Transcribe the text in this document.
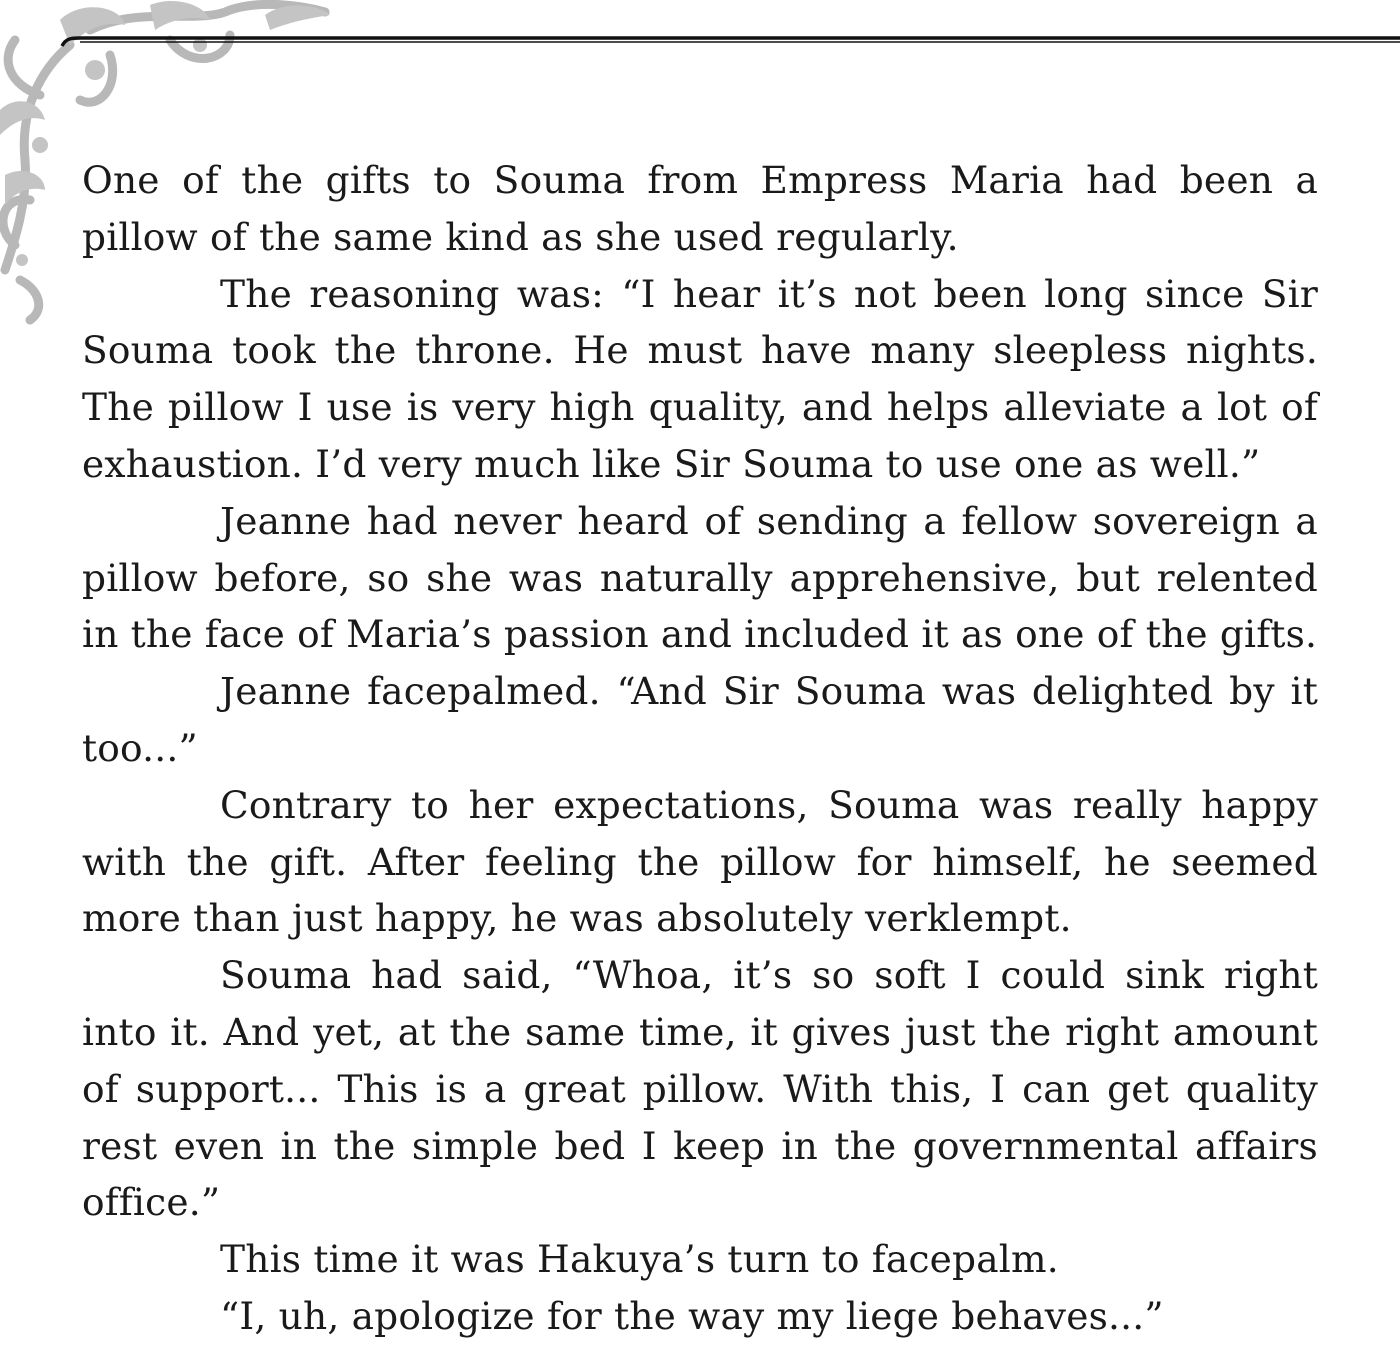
One of the gifts to Souma from Empress Maria had been a pillow of the same kind as she used regularly.

The reasoning was: “I hear it’s not been long since Sir Souma took the throne. He must have many sleepless nights. The pillow I use is very high quality, and helps alleviate a lot of exhaustion. I’d very much like Sir Souma to use one as well.”

Jeanne had never heard of sending a fellow sovereign a pillow before, so she was naturally apprehensive, but relented in the face of Maria’s passion and included it as one of the gifts.

Jeanne facepalmed. “And Sir Souma was delighted by it too...”

Contrary to her expectations, Souma was really happy with the gift. After feeling the pillow for himself, he seemed more than just happy, he was absolutely verklempt.

Souma had said, “Whoa, it’s so soft I could sink right into it. And yet, at the same time, it gives just the right amount of support... This is a great pillow. With this, I can get quality rest even in the simple bed I keep in the governmental affairs office.”

This time it was Hakuya’s turn to facepalm.

“I, uh, apologize for the way my liege behaves...”
